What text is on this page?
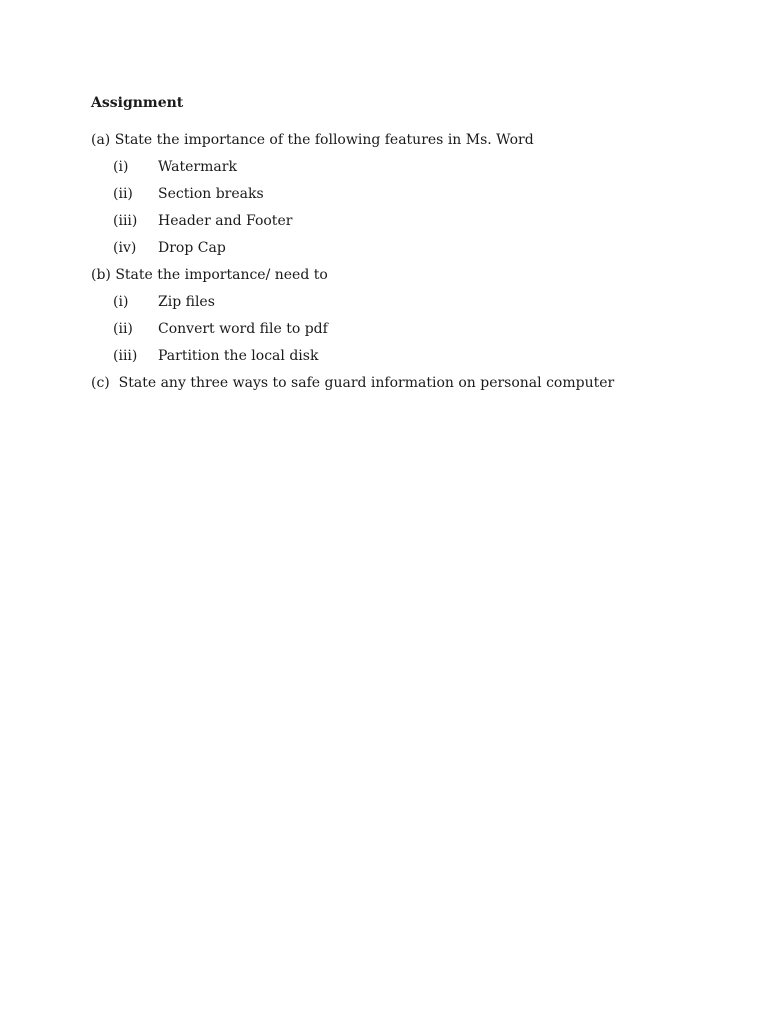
Assignment
(a) State the importance of the following features in Ms. Word
(i)	Watermark
(ii)	Section breaks
(iii)	Header and Footer
(iv)	Drop Cap
(b) State the importance/ need to
(i)	Zip files
(ii)	Convert word file to pdf
(iii)	Partition the local disk
(c)  State any three ways to safe guard information on personal computer
